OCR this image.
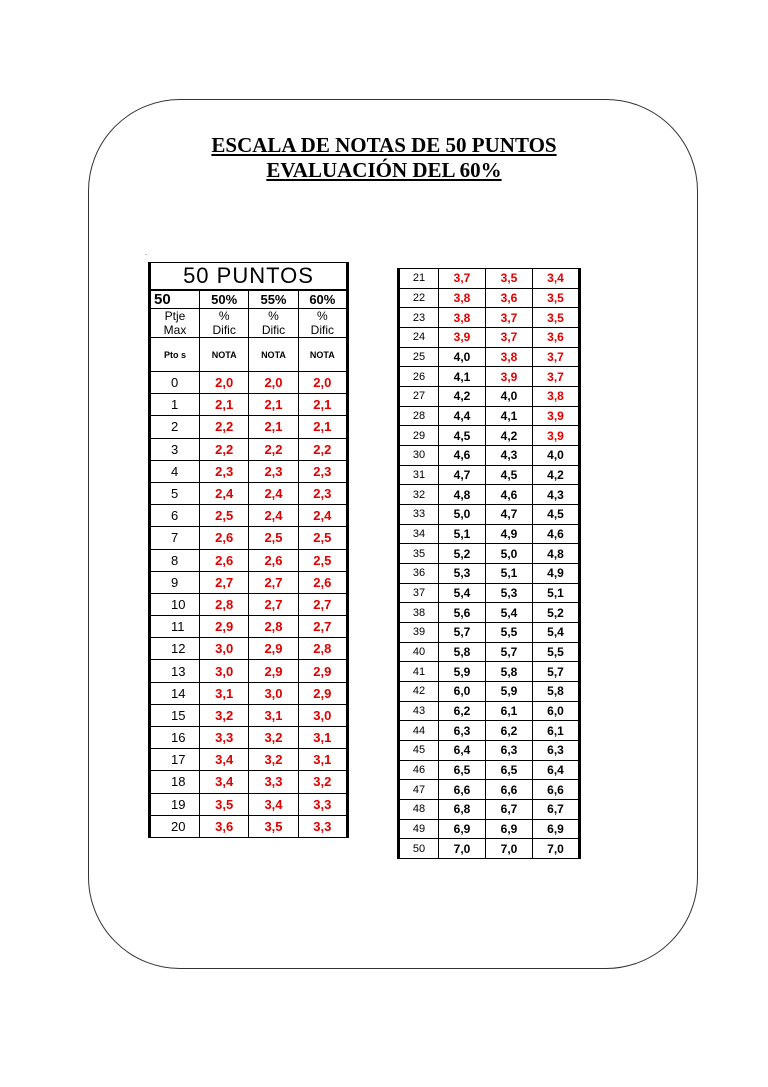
ESCALA DE NOTAS DE 50 PUNTOS
EVALUACIÓN DEL 60%
.
50 PUNTOS			
50	50%	55%	60%
Ptje	%	%	%
Max	Dific	Dific	Dific
Pto s	NOTA	NOTA	NOTA
0	2,0	2,0	2,0
1	2,1	2,1	2,1
2	2,2	2,1	2,1
3	2,2	2,2	2,2
4	2,3	2,3	2,3
5	2,4	2,4	2,3
6	2,5	2,4	2,4
7	2,6	2,5	2,5
8	2,6	2,6	2,5
9	2,7	2,7	2,6
10	2,8	2,7	2,7
11	2,9	2,8	2,7
12	3,0	2,9	2,8
13	3,0	2,9	2,9
14	3,1	3,0	2,9
15	3,2	3,1	3,0
16	3,3	3,2	3,1
17	3,4	3,2	3,1
18	3,4	3,3	3,2
19	3,5	3,4	3,3
20	3,6	3,5	3,3
21	3,7	3,5	3,4
22	3,8	3,6	3,5
23	3,8	3,7	3,5
24	3,9	3,7	3,6
25	4,0	3,8	3,7
26	4,1	3,9	3,7
27	4,2	4,0	3,8
28	4,4	4,1	3,9
29	4,5	4,2	3,9
30	4,6	4,3	4,0
31	4,7	4,5	4,2
32	4,8	4,6	4,3
33	5,0	4,7	4,5
34	5,1	4,9	4,6
35	5,2	5,0	4,8
36	5,3	5,1	4,9
37	5,4	5,3	5,1
38	5,6	5,4	5,2
39	5,7	5,5	5,4
40	5,8	5,7	5,5
41	5,9	5,8	5,7
42	6,0	5,9	5,8
43	6,2	6,1	6,0
44	6,3	6,2	6,1
45	6,4	6,3	6,3
46	6,5	6,5	6,4
47	6,6	6,6	6,6
48	6,8	6,7	6,7
49	6,9	6,9	6,9
50	7,0	7,0	7,0
